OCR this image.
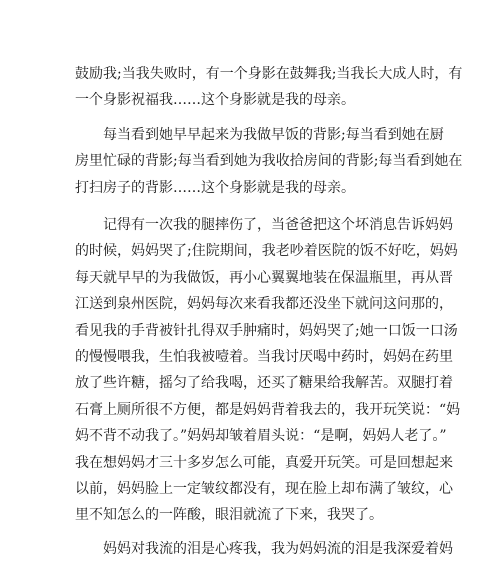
鼓励我;当我失败时，有一个身影在鼓舞我;当我长大成人时，有
一个身影祝福我……这个身影就是我的母亲。

每当看到她早早起来为我做早饭的背影;每当看到她在厨
房里忙碌的背影;每当看到她为我收拾房间的背影;每当看到她在
打扫房子的背影……这个身影就是我的母亲。

记得有一次我的腿摔伤了，当爸爸把这个坏消息告诉妈妈
的时候，妈妈哭了;住院期间，我老吵着医院的饭不好吃，妈妈
每天就早早的为我做饭，再小心翼翼地装在保温瓶里，再从晋
江送到泉州医院，妈妈每次来看我都还没坐下就问这问那的，
看见我的手背被针扎得双手肿痛时，妈妈哭了;她一口饭一口汤
的慢慢喂我，生怕我被噎着。当我讨厌喝中药时，妈妈在药里
放了些许糖，摇匀了给我喝，还买了糖果给我解苦。双腿打着
石膏上厕所很不方便，都是妈妈背着我去的，我开玩笑说：“妈
妈不背不动我了。”妈妈却皱着眉头说：“是啊，妈妈人老了。”
我在想妈妈才三十多岁怎么可能，真爱开玩笑。可是回想起来
以前，妈妈脸上一定皱纹都没有，现在脸上却布满了皱纹，心
里不知怎么的一阵酸，眼泪就流了下来，我哭了。

妈妈对我流的泪是心疼我，我为妈妈流的泪是我深爱着妈
